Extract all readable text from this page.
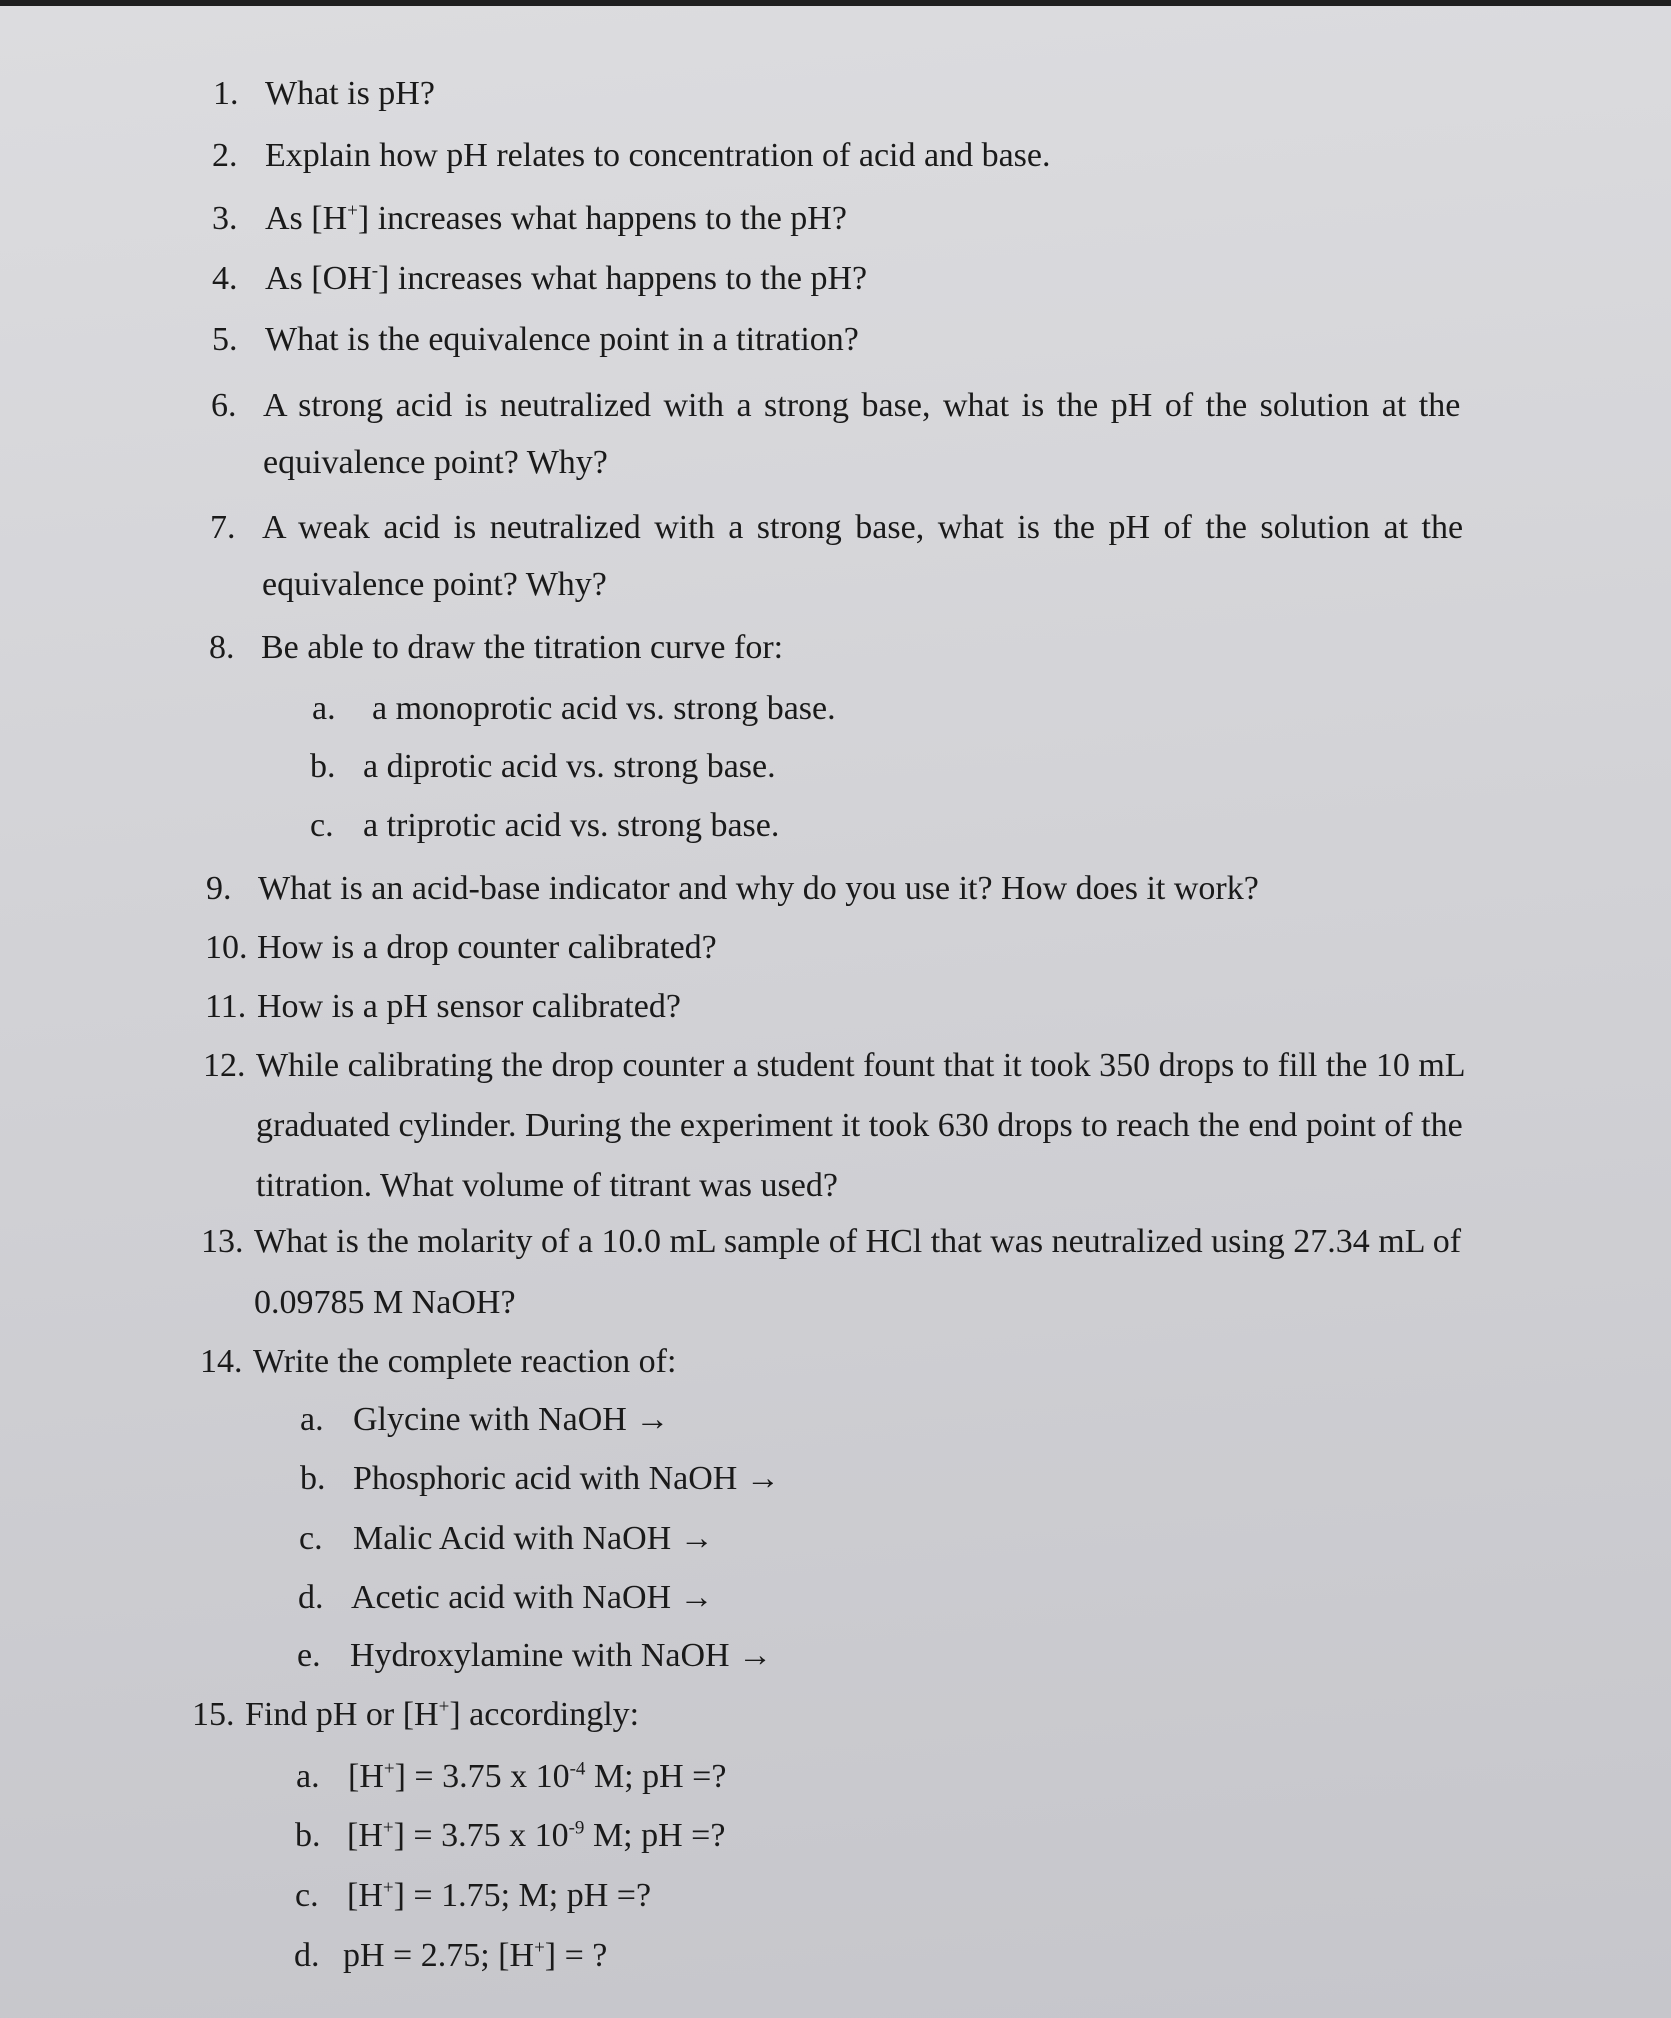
1. What is pH?
2. Explain how pH relates to concentration of acid and base.
3. As [H+] increases what happens to the pH?
4. As [OH-] increases what happens to the pH?
5. What is the equivalence point in a titration?
6. A strong acid is neutralized with a strong base, what is the pH of the solution at the
equivalence point? Why?
7. A weak acid is neutralized with a strong base, what is the pH of the solution at the
equivalence point? Why?
8. Be able to draw the titration curve for:
a. a monoprotic acid vs. strong base.
b. a diprotic acid vs. strong base.
c. a triprotic acid vs. strong base.
9. What is an acid-base indicator and why do you use it? How does it work?
10. How is a drop counter calibrated?
11. How is a pH sensor calibrated?
12. While calibrating the drop counter a student fount that it took 350 drops to fill the 10 mL
graduated cylinder. During the experiment it took 630 drops to reach the end point of the
titration. What volume of titrant was used?
13. What is the molarity of a 10.0 mL sample of HCl that was neutralized using 27.34 mL of
0.09785 M NaOH?
14. Write the complete reaction of:
a. Glycine with NaOH →
b. Phosphoric acid with NaOH →
c. Malic Acid with NaOH →
d. Acetic acid with NaOH →
e. Hydroxylamine with NaOH →
15. Find pH or [H+] accordingly:
a. [H+] = 3.75 x $10^{-4}$ M; pH =?
b. [H+] = 3.75 x $10^{-9}$ M; pH =?
c. [H+] = 1.75; M; pH =?
d. pH = 2.75; [H+] = ?
